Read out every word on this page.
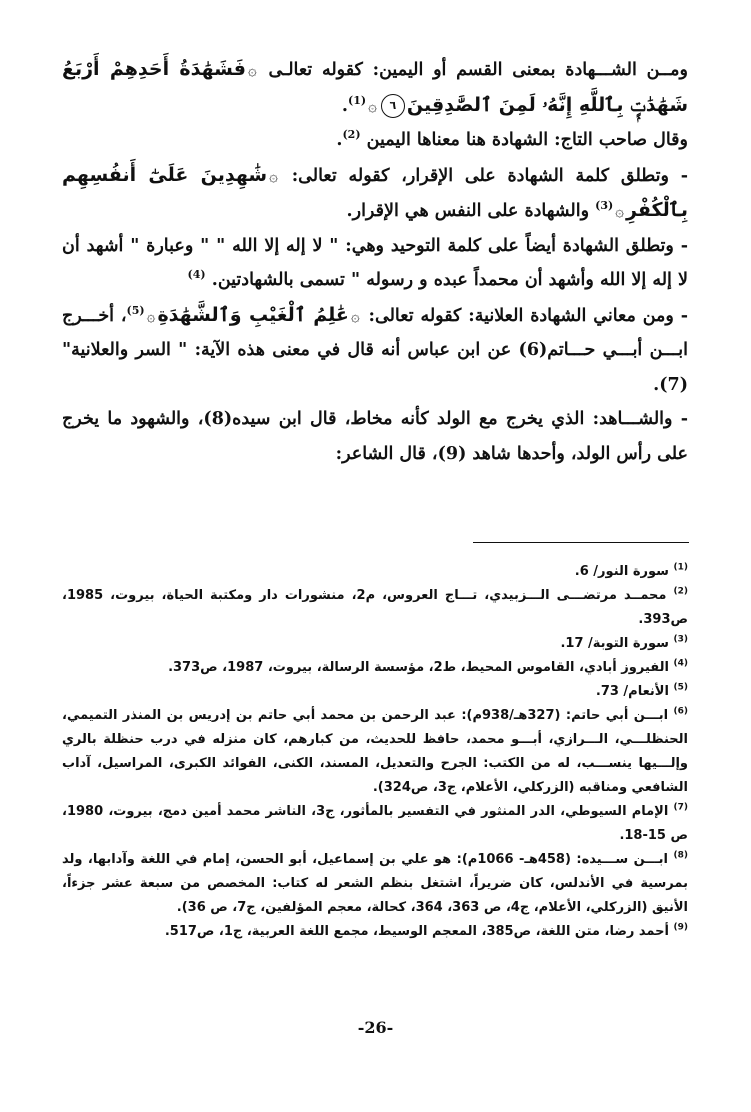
ومــن الشـــهادة بمعنى القسم أو اليمين: كقوله تعالـى ۞فَشَهَٰدَةُ أَحَدِهِمْ أَرْبَعُ شَهَٰدَٰتٍۭ بِٱللَّهِ إِنَّهُۥ لَمِنَ ٱلصَّٰدِقِينَ٦۞$^{(1)}$.

وقال صاحب التاج: الشهادة هنا معناها اليمين $^{(2)}$.

- وتطلق كلمة الشهادة على الإقرار، كقوله تعالى: ۞شَٰهِدِينَ عَلَىٰٓ أَنفُسِهِم بِٱلْكُفْرِ۞$^{(3)}$ والشهادة على النفس هي الإقرار.

- وتطلق الشهادة أيضاً على كلمة التوحيد وهي: " لا إله إلا الله " " وعبارة " أشهد أن لا إله إلا الله وأشهد أن محمداً عبده و رسوله " تسمى بالشهادتين. $^{(4)}$

- ومن معاني الشهادة العلانية: كقوله تعالى: ۞عَٰلِمُ ٱلْغَيْبِ وَٱلشَّهَٰدَةِ۞$^{(5)}$، أخـــرج ابـــن أبـــي حـــاتم(6) عن ابن عباس أنه قال في معنى هذه الآية: " السر والعلانية"(7).

- والشـــاهد: الذي يخرج مع الولد كأنه مخاط، قال ابن سيده(8)، والشهود ما يخرج على رأس الولد، وأحدها شاهد (9)، قال الشاعر:

$^{(1)}$ سورة النور/ 6.
$^{(2)}$ محمــد مرتضـــى الـــزبيدي، تـــاج العروس، م2، منشورات دار ومكتبة الحياة، بيروت، 1985، ص393.
$^{(3)}$ سورة التوبة/ 17.
$^{(4)}$ الفيروز أبادي، القاموس المحيط، ط2، مؤسسة الرسالة، بيروت، 1987، ص373.
$^{(5)}$ الأنعام/ 73.
$^{(6)}$ ابـــن أبي حاتم: (327هـ/938م): عبد الرحمن بن محمد أبي حاتم بن إدريس بن المنذر التميمي، الحنظلـــي، الـــرازي، أبـــو محمد، حافظ للحديث، من كبارهم، كان منزله في درب حنظلة بالري وإلـــيها ينســـب، له من الكتب: الجرح والتعديل، المسند، الكنى، الفوائد الكبرى، المراسيل، آداب الشافعي ومناقبه (الزركلي، الأعلام، ج3، ص324).
$^{(7)}$ الإمام السيوطي، الدر المنثور في التفسير بالمأثور، ج3، الناشر محمد أمين دمج، بيروت، 1980، ص 15-18.
$^{(8)}$ ابـــن ســـيده: (458هـ- 1066م): هو علي بن إسماعيل، أبو الحسن، إمام في اللغة وآدابها، ولد بمرسية في الأندلس، كان ضريراً، اشتغل بنظم الشعر له كتاب: المخصص من سبعة عشر جزءاً، الأنيق (الزركلي، الأعلام، ج4، ص 363، 364، كحالة، معجم المؤلفين، ج7، ص 36).
$^{(9)}$ أحمد رضا، متن اللغة، ص385، المعجم الوسيط، مجمع اللغة العربية، ج1، ص517.
-26-
